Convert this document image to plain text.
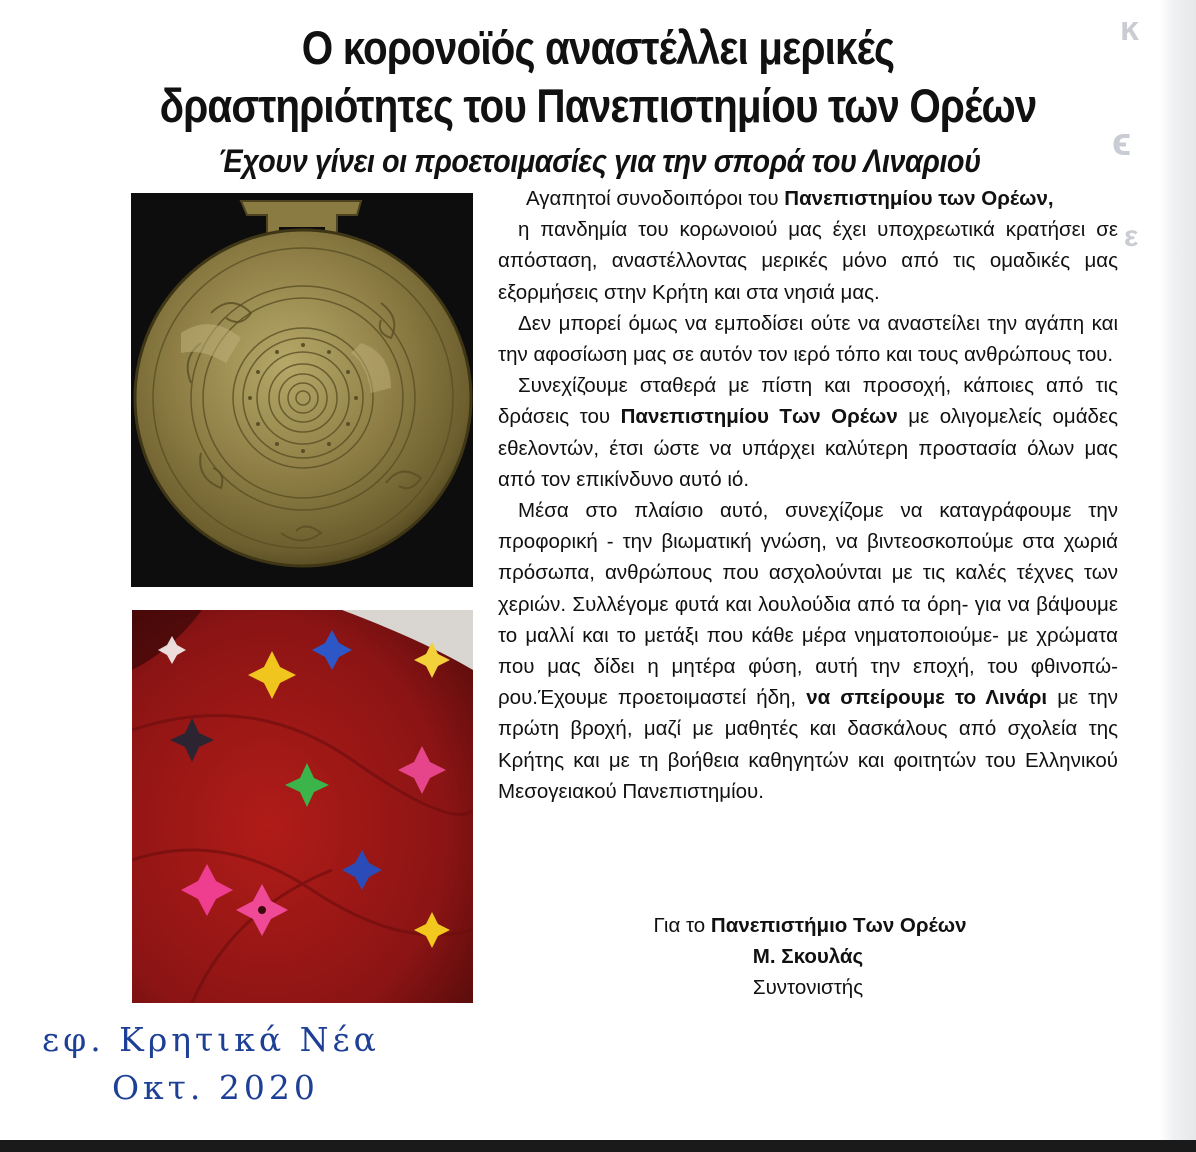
ĸ
ϵ
ε
Ο κορονοϊός αναστέλλει μερικές
δραστηριότητες του Πανεπιστημίου των Ορέων
Έχουν γίνει οι προετοιμασίες για την σπορά του Λιναριού

Αγαπητοί συνοδοιπόροι του Πανεπιστημίου των Ορέων,

η πανδημία του κορωνοιού μας έχει υποχρεωτικά κρατήσει σε απόσταση, αναστέλλοντας μερικές μόνο από τις ομαδικές μας εξορμήσεις στην Κρήτη και στα νησιά μας.

Δεν μπορεί όμως να εμποδίσει ούτε να αναστείλει την αγάπη και την αφοσίωση μας σε αυτόν τον ιερό τόπο και τους ανθρώπους του.

Συνεχίζουμε σταθερά με πίστη και προσοχή, κάποιες από τις δράσεις του Πανεπιστημίου Των Ορέων με ολιγομελείς ομάδες εθελοντών, έτσι ώστε να υπάρχει καλύτερη προστασία όλων μας από τον επικίνδυνο αυτό ιό.

Μέσα στο πλαίσιο αυτό, συνεχίζομε να καταγράφουμε την προφορική - την βιωματική γνώση, να βιντεοσκοπούμε στα χωριά πρόσωπα, ανθρώπους που ασχολούνται με τις καλές τέχνες των χεριών. Συλλέγομε φυτά και λουλούδια από τα όρη- για να βάψουμε το μαλλί και το μετάξι που κάθε μέρα νηματοποιούμε- με χρώματα που μας δίδει η μητέρα φύση, αυτή την εποχή, του φθινοπώρου.Έχουμε προετοιμαστεί ήδη, να σπείρουμε το Λινάρι με την πρώτη βροχή, μαζί με μαθητές και δασκάλους από σχολεία της Κρήτης και με τη βοήθεια καθηγητών και φοιτητών του Ελληνικού Μεσογειακού Πανεπιστημίου.

Για το Πανεπιστήμιο Των Ορέων
Μ. Σκουλάς
Συντονιστής
εφ. Κρητικά Νέα
Οκτ. 2020
